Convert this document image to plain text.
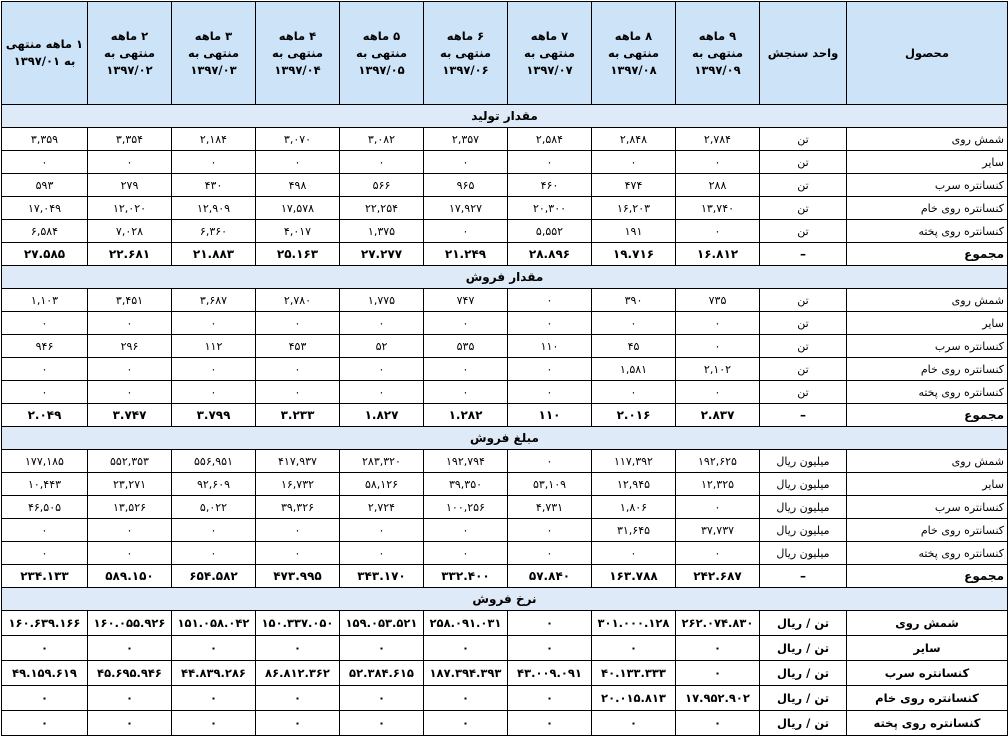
محصول	واحد سنجش	۹ ماهه منتهی به ۱۳۹۷/۰۹	۸ ماهه منتهی به ۱۳۹۷/۰۸	۷ ماهه منتهی به ۱۳۹۷/۰۷	۶ ماهه منتهی به ۱۳۹۷/۰۶	۵ ماهه منتهی به ۱۳۹۷/۰۵	۴ ماهه منتهی به ۱۳۹۷/۰۴	۳ ماهه منتهی به ۱۳۹۷/۰۳	۲ ماهه منتهی به ۱۳۹۷/۰۲	۱ ماهه منتهی به ۱۳۹۷/۰۱
مقدار تولید										
شمش روی	تن	۲,۷۸۴	۲,۸۴۸	۲,۵۸۴	۲,۳۵۷	۳,۰۸۲	۳,۰۷۰	۲,۱۸۴	۳,۳۵۴	۳,۳۵۹
سایر	تن	۰	۰	۰	۰	۰	۰	۰	۰	۰
کنسانتره سرب	تن	۲۸۸	۴۷۴	۴۶۰	۹۶۵	۵۶۶	۴۹۸	۴۳۰	۲۷۹	۵۹۳
کنسانتره روی خام	تن	۱۳,۷۴۰	۱۶,۲۰۳	۲۰,۳۰۰	۱۷,۹۲۷	۲۲,۲۵۴	۱۷,۵۷۸	۱۲,۹۰۹	۱۲,۰۲۰	۱۷,۰۴۹
کنسانتره روی پخته	تن	۰	۱۹۱	۵,۵۵۲	۰	۱,۳۷۵	۴,۰۱۷	۶,۳۶۰	۷,۰۲۸	۶,۵۸۴
مجموع	–	۱۶.۸۱۲	۱۹.۷۱۶	۲۸.۸۹۶	۲۱.۲۴۹	۲۷.۲۷۷	۲۵.۱۶۳	۲۱.۸۸۳	۲۲.۶۸۱	۲۷.۵۸۵
مقدار فروش										
شمش روی	تن	۷۳۵	۳۹۰	۰	۷۴۷	۱,۷۷۵	۲,۷۸۰	۳,۶۸۷	۳,۴۵۱	۱,۱۰۳
سایر	تن	۰	۰	۰	۰	۰	۰	۰	۰	۰
کنسانتره سرب	تن	۰	۴۵	۱۱۰	۵۳۵	۵۲	۴۵۳	۱۱۲	۲۹۶	۹۴۶
کنسانتره روی خام	تن	۲,۱۰۲	۱,۵۸۱	۰	۰	۰	۰	۰	۰	۰
کنسانتره روی پخته	تن	۰	۰	۰	۰	۰	۰	۰	۰	۰
مجموع	–	۲.۸۳۷	۲.۰۱۶	۱۱۰	۱.۲۸۲	۱.۸۲۷	۳.۲۳۳	۳.۷۹۹	۳.۷۴۷	۲.۰۴۹
مبلغ فروش										
شمش روی	میلیون ریال	۱۹۲,۶۲۵	۱۱۷,۳۹۲	۰	۱۹۲,۷۹۴	۲۸۳,۳۲۰	۴۱۷,۹۳۷	۵۵۶,۹۵۱	۵۵۲,۳۵۳	۱۷۷,۱۸۵
سایر	میلیون ریال	۱۲,۳۲۵	۱۲,۹۴۵	۵۳,۱۰۹	۳۹,۳۵۰	۵۸,۱۲۶	۱۶,۷۳۲	۹۲,۶۰۹	۲۳,۲۷۱	۱۰,۴۴۳
کنسانتره سرب	میلیون ریال	۰	۱,۸۰۶	۴,۷۳۱	۱۰۰,۲۵۶	۲,۷۲۴	۳۹,۳۲۶	۵,۰۲۲	۱۳,۵۲۶	۴۶,۵۰۵
کنسانتره روی خام	میلیون ریال	۳۷,۷۳۷	۳۱,۶۴۵	۰	۰	۰	۰	۰	۰	۰
کنسانتره روی پخته	میلیون ریال	۰	۰	۰	۰	۰	۰	۰	۰	۰
مجموع	–	۲۴۲.۶۸۷	۱۶۳.۷۸۸	۵۷.۸۴۰	۳۳۲.۴۰۰	۳۴۳.۱۷۰	۴۷۳.۹۹۵	۶۵۴.۵۸۲	۵۸۹.۱۵۰	۲۳۴.۱۳۳
نرخ فروش										
شمش روی	تن / ریال	۲۶۲.۰۷۴.۸۳۰	۳۰۱.۰۰۰.۱۲۸	۰	۲۵۸.۰۹۱.۰۳۱	۱۵۹.۰۵۳.۵۲۱	۱۵۰.۳۳۷.۰۵۰	۱۵۱.۰۵۸.۰۴۲	۱۶۰.۰۵۵.۹۲۶	۱۶۰.۶۳۹.۱۶۶
سایر	تن / ریال	۰	۰	۰	۰	۰	۰	۰	۰	۰
کنسانتره سرب	تن / ریال	۰	۴۰.۱۳۳.۳۳۳	۴۳.۰۰۹.۰۹۱	۱۸۷.۳۹۴.۳۹۳	۵۲.۳۸۴.۶۱۵	۸۶.۸۱۲.۳۶۲	۴۴.۸۳۹.۲۸۶	۴۵.۶۹۵.۹۴۶	۴۹.۱۵۹.۶۱۹
کنسانتره روی خام	تن / ریال	۱۷.۹۵۲.۹۰۲	۲۰.۰۱۵.۸۱۳	۰	۰	۰	۰	۰	۰	۰
کنسانتره روی پخته	تن / ریال	۰	۰	۰	۰	۰	۰	۰	۰	۰
